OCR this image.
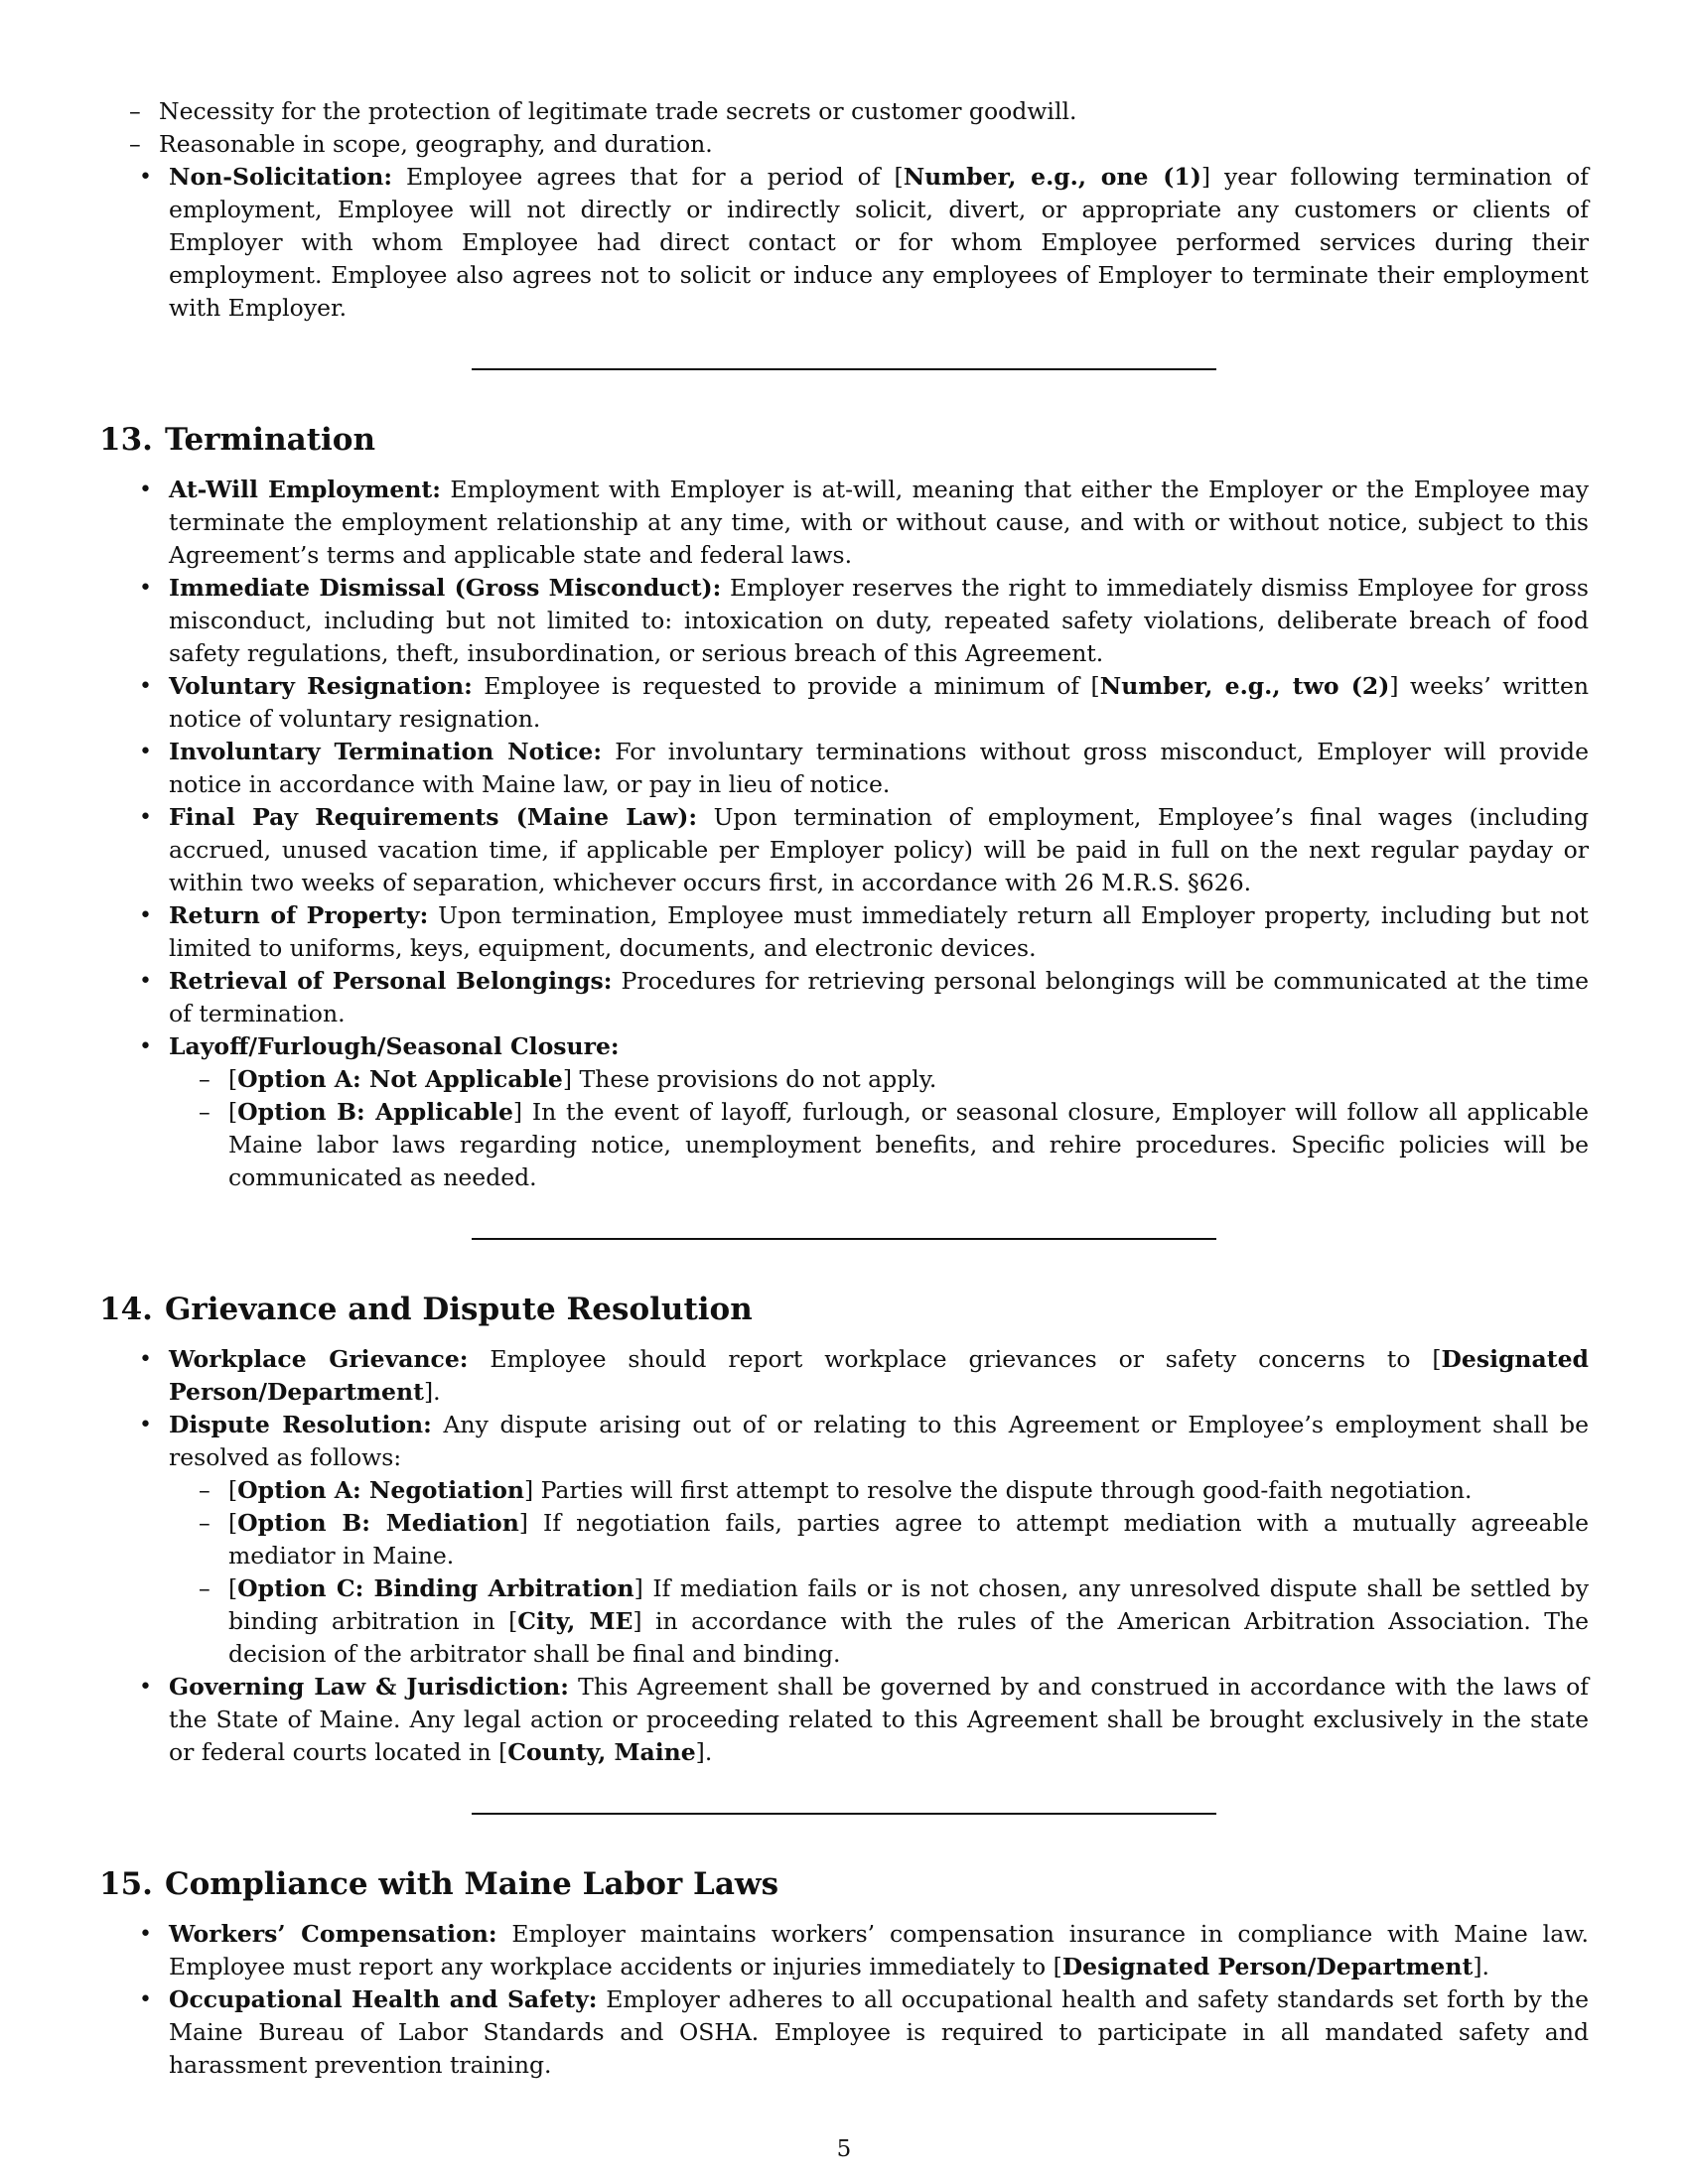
– Necessity for the protection of legitimate trade secrets or customer goodwill.
– Reasonable in scope, geography, and duration.
• Non-Solicitation: Employee agrees that for a period of [Number, e.g., one (1)] year following termination of employment, Employee will not directly or indirectly solicit, divert, or appropriate any customers or clients of Employer with whom Employee had direct contact or for whom Employee performed services during their employment. Employee also agrees not to solicit or induce any employees of Employer to terminate their employment with Employer.
13. Termination
• At-Will Employment: Employment with Employer is at-will, meaning that either the Employer or the Employee may terminate the employment relationship at any time, with or without cause, and with or without notice, subject to this Agreement’s terms and applicable state and federal laws.
• Immediate Dismissal (Gross Misconduct): Employer reserves the right to immediately dismiss Employee for gross misconduct, including but not limited to: intoxication on duty, repeated safety violations, deliberate breach of food safety regulations, theft, insubordination, or serious breach of this Agreement.
• Voluntary Resignation: Employee is requested to provide a minimum of [Number, e.g., two (2)] weeks’ written notice of voluntary resignation.
• Involuntary Termination Notice: For involuntary terminations without gross misconduct, Employer will provide notice in accordance with Maine law, or pay in lieu of notice.
• Final Pay Requirements (Maine Law): Upon termination of employment, Employee’s final wages (including accrued, unused vacation time, if applicable per Employer policy) will be paid in full on the next regular payday or within two weeks of separation, whichever occurs first, in accordance with 26 M.R.S. §626.
• Return of Property: Upon termination, Employee must immediately return all Employer property, including but not limited to uniforms, keys, equipment, documents, and electronic devices.
• Retrieval of Personal Belongings: Procedures for retrieving personal belongings will be communicated at the time of termination.
• Layoff/Furlough/Seasonal Closure:
– [Option A: Not Applicable] These provisions do not apply.
– [Option B: Applicable] In the event of layoff, furlough, or seasonal closure, Employer will follow all applicable Maine labor laws regarding notice, unemployment benefits, and rehire procedures. Specific policies will be communicated as needed.
14. Grievance and Dispute Resolution
• Workplace Grievance: Employee should report workplace grievances or safety concerns to [Designated Person/Department].
• Dispute Resolution: Any dispute arising out of or relating to this Agreement or Employee’s employment shall be resolved as follows:
– [Option A: Negotiation] Parties will first attempt to resolve the dispute through good-faith negotiation.
– [Option B: Mediation] If negotiation fails, parties agree to attempt mediation with a mutually agreeable mediator in Maine.
– [Option C: Binding Arbitration] If mediation fails or is not chosen, any unresolved dispute shall be settled by binding arbitration in [City, ME] in accordance with the rules of the American Arbitration Association. The decision of the arbitrator shall be final and binding.
• Governing Law & Jurisdiction: This Agreement shall be governed by and construed in accordance with the laws of the State of Maine. Any legal action or proceeding related to this Agreement shall be brought exclusively in the state or federal courts located in [County, Maine].
15. Compliance with Maine Labor Laws
• Workers’ Compensation: Employer maintains workers’ compensation insurance in compliance with Maine law. Employee must report any workplace accidents or injuries immediately to [Designated Person/Department].
• Occupational Health and Safety: Employer adheres to all occupational health and safety standards set forth by the Maine Bureau of Labor Standards and OSHA. Employee is required to participate in all mandated safety and harassment prevention training.
5
